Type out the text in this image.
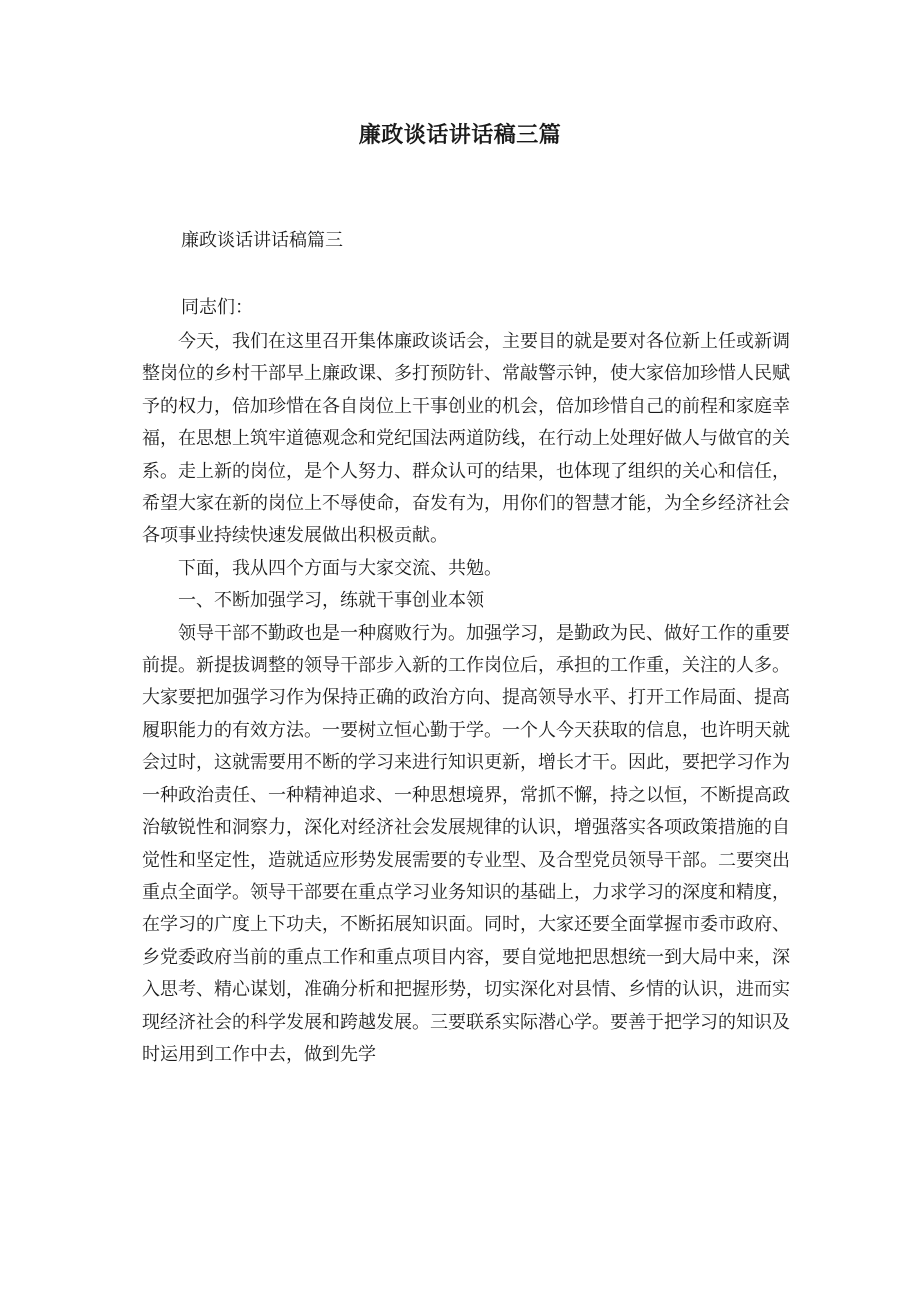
廉政谈话讲话稿三篇
廉政谈话讲话稿篇三
同志们：

今天，我们在这里召开集体廉政谈话会，主要目的就是要对各位新上任或新调整岗位的乡村干部早上廉政课、多打预防针、常敲警示钟，使大家倍加珍惜人民赋予的权力，倍加珍惜在各自岗位上干事创业的机会，倍加珍惜自己的前程和家庭幸福，在思想上筑牢道德观念和党纪国法两道防线，在行动上处理好做人与做官的关系。走上新的岗位，是个人努力、群众认可的结果，也体现了组织的关心和信任，希望大家在新的岗位上不辱使命，奋发有为，用你们的智慧才能，为全乡经济社会各项事业持续快速发展做出积极贡献。

下面，我从四个方面与大家交流、共勉。

一、不断加强学习，练就干事创业本领

领导干部不勤政也是一种腐败行为。加强学习，是勤政为民、做好工作的重要前提。新提拔调整的领导干部步入新的工作岗位后，承担的工作重，关注的人多。大家要把加强学习作为保持正确的政治方向、提高领导水平、打开工作局面、提高履职能力的有效方法。一要树立恒心勤于学。一个人今天获取的信息，也许明天就会过时，这就需要用不断的学习来进行知识更新，增长才干。因此，要把学习作为一种政治责任、一种精神追求、一种思想境界，常抓不懈，持之以恒，不断提高政治敏锐性和洞察力，深化对经济社会发展规律的认识，增强落实各项政策措施的自觉性和坚定性，造就适应形势发展需要的专业型、及合型党员领导干部。二要突出重点全面学。领导干部要在重点学习业务知识的基础上，力求学习的深度和精度，在学习的广度上下功夫，不断拓展知识面。同时，大家还要全面掌握市委市政府、乡党委政府当前的重点工作和重点项目内容，要自觉地把思想统一到大局中来，深入思考、精心谋划，准确分析和把握形势，切实深化对县情、乡情的认识，进而实现经济社会的科学发展和跨越发展。三要联系实际潜心学。要善于把学习的知识及时运用到工作中去，做到先学
